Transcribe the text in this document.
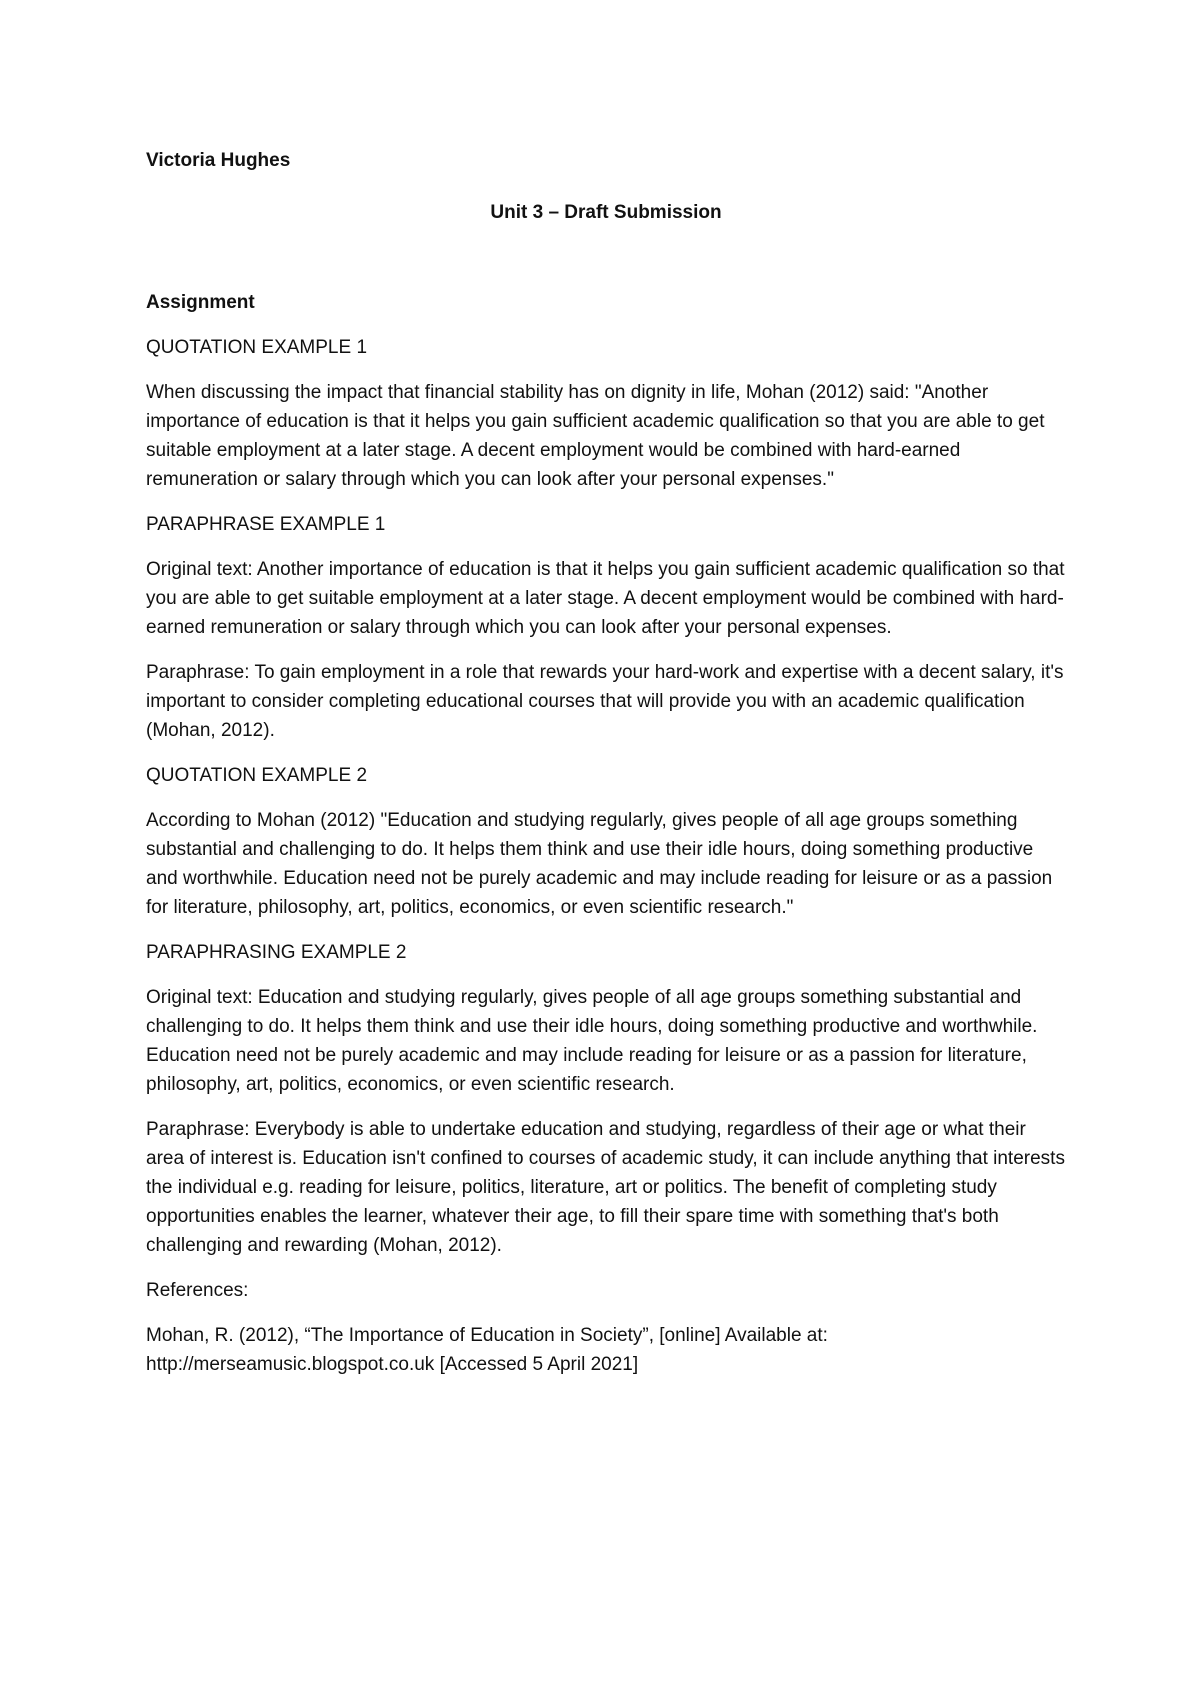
Victoria Hughes

Unit 3 – Draft Submission

Assignment

QUOTATION EXAMPLE 1

When discussing the impact that financial stability has on dignity in life, Mohan (2012) said: "Another importance of education is that it helps you gain sufficient academic qualification so that you are able to get suitable employment at a later stage. A decent employment would be combined with hard-earned remuneration or salary through which you can look after your personal expenses."

PARAPHRASE EXAMPLE 1

Original text: Another importance of education is that it helps you gain sufficient academic qualification so that you are able to get suitable employment at a later stage. A decent employment would be combined with hard-earned remuneration or salary through which you can look after your personal expenses.

Paraphrase: To gain employment in a role that rewards your hard-work and expertise with a decent salary, it's important to consider completing educational courses that will provide you with an academic qualification (Mohan, 2012).

QUOTATION EXAMPLE 2

According to Mohan (2012) "Education and studying regularly, gives people of all age groups something substantial and challenging to do. It helps them think and use their idle hours, doing something productive and worthwhile. Education need not be purely academic and may include reading for leisure or as a passion for literature, philosophy, art, politics, economics, or even scientific research."

PARAPHRASING EXAMPLE 2

Original text: Education and studying regularly, gives people of all age groups something substantial and challenging to do. It helps them think and use their idle hours, doing something productive and worthwhile. Education need not be purely academic and may include reading for leisure or as a passion for literature, philosophy, art, politics, economics, or even scientific research.

Paraphrase: Everybody is able to undertake education and studying, regardless of their age or what their area of interest is. Education isn't confined to courses of academic study, it can include anything that interests the individual e.g. reading for leisure, politics, literature, art or politics. The benefit of completing study opportunities enables the learner, whatever their age, to fill their spare time with something that's both challenging and rewarding (Mohan, 2012).

References:

Mohan, R. (2012), “The Importance of Education in Society”, [online] Available at:

http://merseamusic.blogspot.co.uk [Accessed 5 April 2021]
